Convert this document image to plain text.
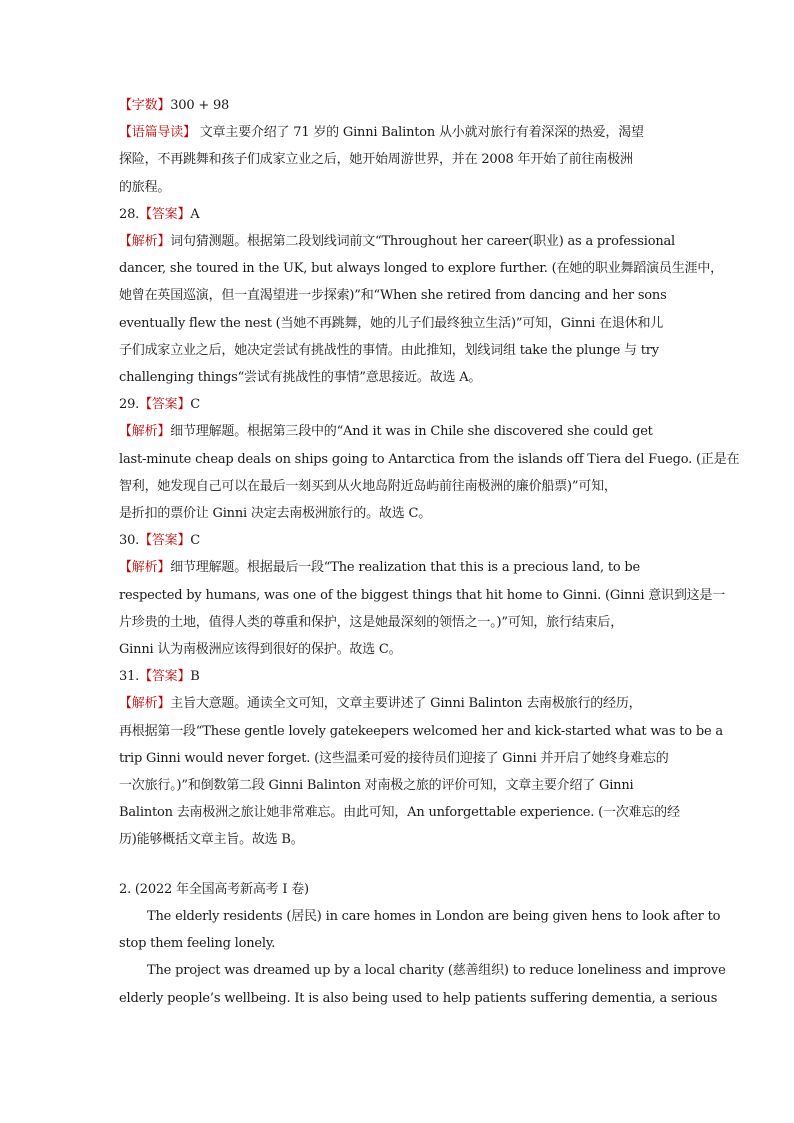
【字数】300 + 98
【语篇导读】 文章主要介绍了 71 岁的 Ginni Balinton 从小就对旅行有着深深的热爱，渴望
探险，不再跳舞和孩子们成家立业之后，她开始周游世界，并在 2008 年开始了前往南极洲
的旅程。
28.【答案】A
【解析】词句猜测题。根据第二段划线词前文“Throughout her career(职业) as a professional
dancer, she toured in the UK, but always longed to explore further. (在她的职业舞蹈演员生涯中，
她曾在英国巡演，但一直渴望进一步探索)”和“When she retired from dancing and her sons
eventually flew the nest (当她不再跳舞，她的儿子们最终独立生活)”可知，Ginni 在退休和儿
子们成家立业之后，她决定尝试有挑战性的事情。由此推知，划线词组 take the plunge 与 try
challenging things“尝试有挑战性的事情”意思接近。故选 A。
29.【答案】C
【解析】细节理解题。根据第三段中的“And it was in Chile she discovered she could get
last-minute cheap deals on ships going to Antarctica from the islands off Tiera del Fuego. (正是在
智利，她发现自己可以在最后一刻买到从火地岛附近岛屿前往南极洲的廉价船票)”可知，
是折扣的票价让 Ginni 决定去南极洲旅行的。故选 C。
30.【答案】C
【解析】细节理解题。根据最后一段“The realization that this is a precious land, to be
respected by humans, was one of the biggest things that hit home to Ginni. (Ginni 意识到这是一
片珍贵的土地，值得人类的尊重和保护，这是她最深刻的领悟之一。)”可知，旅行结束后，
Ginni 认为南极洲应该得到很好的保护。故选 C。
31.【答案】B
【解析】主旨大意题。通读全文可知，文章主要讲述了 Ginni Balinton 去南极旅行的经历，
再根据第一段“These gentle lovely gatekeepers welcomed her and kick-started what was to be a
trip Ginni would never forget. (这些温柔可爱的接待员们迎接了 Ginni 并开启了她终身难忘的
一次旅行。)”和倒数第二段 Ginni Balinton 对南极之旅的评价可知，文章主要介绍了 Ginni
Balinton 去南极洲之旅让她非常难忘。由此可知，An unforgettable experience. (一次难忘的经
历)能够概括文章主旨。故选 B。
2. (2022 年全国高考新高考 I 卷)
The elderly residents (居民) in care homes in London are being given hens to look after to
stop them feeling lonely.
The project was dreamed up by a local charity (慈善组织) to reduce loneliness and improve
elderly people’s wellbeing. It is also being used to help patients suffering dementia, a serious
